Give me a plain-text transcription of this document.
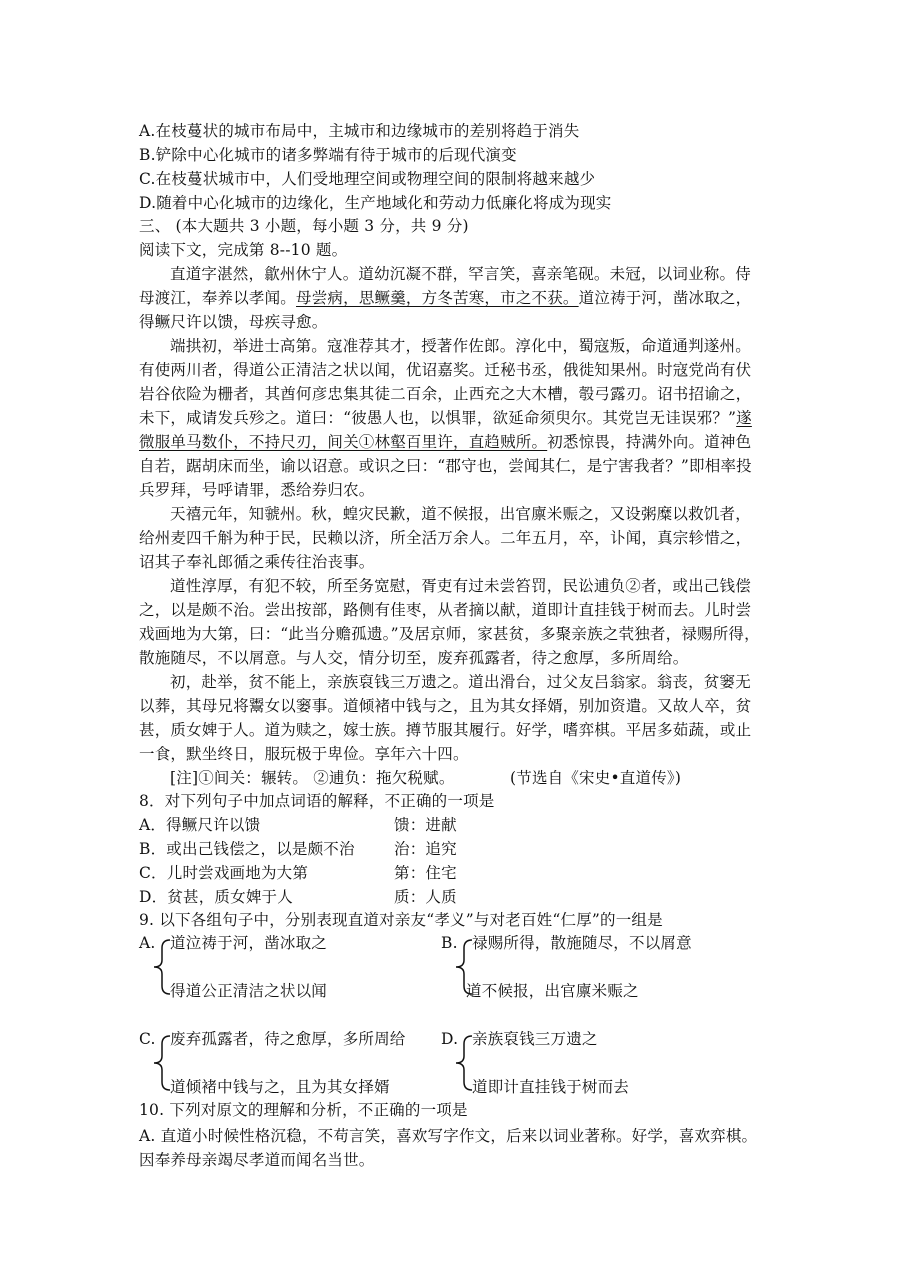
A.在枝蔓状的城市布局中，主城市和边缘城市的差别将趋于消失
B.铲除中心化城市的诸多弊端有待于城市的后现代演变
C.在枝蔓状城市中，人们受地理空间或物理空间的限制将越来越少
D.随着中心化城市的边缘化，生产地域化和劳动力低廉化将成为现实
三、 (本大题共 3 小题，每小题 3 分，共 9 分)
阅读下文，完成第 8--10 题。
直道字湛然，歙州休宁人。道幼沉凝不群，罕言笑，喜亲笔砚。未冠，以词业称。侍
母渡江，奉养以孝闻。母尝病，思鳜羹，方冬苦寒，市之不获。道泣祷于河，凿冰取之，
得鳜尺许以馈，母疾寻愈。
端拱初，举进士高第。寇准荐其才，授著作佐郎。淳化中，蜀寇叛，命道通判遂州。
有使两川者，得道公正清洁之状以闻，优诏嘉奖。迁秘书丞，俄徙知果州。时寇党尚有伏
岩谷依险为栅者，其酋何彦忠集其徒二百余，止西充之大木槽，彀弓露刃。诏书招谕之，
未下，咸请发兵殄之。道曰：“彼愚人也，以惧罪，欲延命须臾尔。其党岂无诖误邪？”遂
微服单马数仆，不持尺刃，间关①林壑百里许，直趋贼所。初悉惊畏，持满外向。道神色
自若，踞胡床而坐，谕以诏意。或识之曰：“郡守也，尝闻其仁，是宁害我者？”即相率投
兵罗拜，号呼请罪，悉给券归农。
天禧元年，知虢州。秋，蝗灾民歉，道不候报，出官廪米赈之，又设粥糜以救饥者，
给州麦四千斛为种于民，民赖以济，所全活万余人。二年五月，卒，讣闻，真宗轸惜之，
诏其子奉礼郎循之乘传往治丧事。
道性淳厚，有犯不较，所至务宽慰，胥吏有过未尝笞罚，民讼逋负②者，或出己钱偿
之，以是颇不治。尝出按部，路侧有佳枣，从者摘以献，道即计直挂钱于树而去。儿时尝
戏画地为大第，曰：“此当分赡孤遗。”及居京师，家甚贫，多聚亲族之茕独者，禄赐所得，
散施随尽，不以屑意。与人交，情分切至，废弃孤露者，待之愈厚，多所周给。
初，赴举，贫不能上，亲族裒钱三万遗之。道出滑台，过父友吕翁家。翁丧，贫窭无
以葬，其母兄将鬻女以窭事。道倾褚中钱与之，且为其女择婿，别加资遣。又故人卒，贫
甚，质女婢于人。道为赎之，嫁士族。撙节服其履行。好学，嗜弈棋。平居多茹蔬，或止
一食，默坐终日，服玩极于卑俭。享年六十四。
[注]①间关：辗转。 ②逋负：拖欠税赋。	(节选自《宋史•直道传》)
8．对下列句子中加点词语的解释，不正确的一项是
A．得鳜尺许以馈	馈：进献
B．或出己钱偿之，以是颇不治	治：追究
C．儿时尝戏画地为大第	第：住宅
D．贫甚，质女婢于人	质：人质
9. 以下各组句子中，分别表现直道对亲友“孝义”与对老百姓“仁厚”的一组是
A. 道泣祷于河，凿冰取之
得道公正清洁之状以闻
B. 禄赐所得，散施随尽，不以屑意
道不候报，出官廪米赈之
C. 废弃孤露者，待之愈厚，多所周给
道倾褚中钱与之，且为其女择婿
D. 亲族裒钱三万遗之
道即计直挂钱于树而去
10. 下列对原文的理解和分析，不正确的一项是
A. 直道小时候性格沉稳，不苟言笑，喜欢写字作文，后来以词业著称。好学，喜欢弈棋。
因奉养母亲竭尽孝道而闻名当世。
